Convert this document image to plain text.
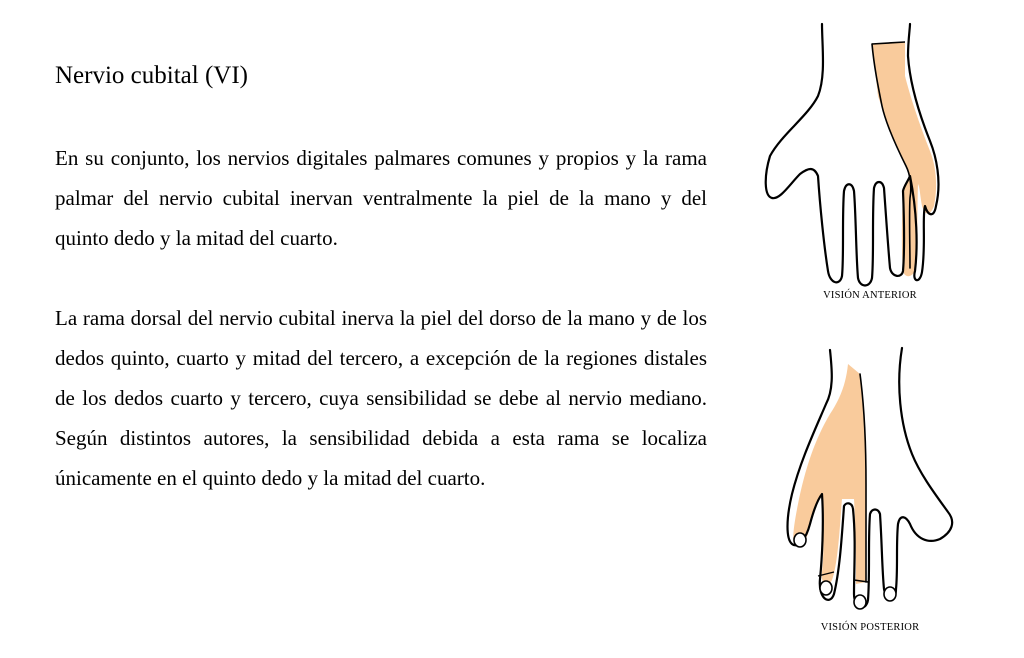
Nervio cubital (VI)

En su conjunto, los nervios digitales palmares comunes y propios y la rama palmar del nervio cubital inervan ventralmente la piel de la mano y del quinto dedo y la mitad del cuarto.

La rama dorsal del nervio cubital inerva la piel del dorso de la mano y de los dedos quinto, cuarto y mitad del tercero, a excepción de la regiones distales de los dedos cuarto y tercero, cuya sensibilidad se debe al nervio mediano. Según distintos autores, la sensibilidad debida a esta rama se localiza únicamente en el quinto dedo y la mitad del cuarto.

VISIÓN ANTERIOR
VISIÓN POSTERIOR
